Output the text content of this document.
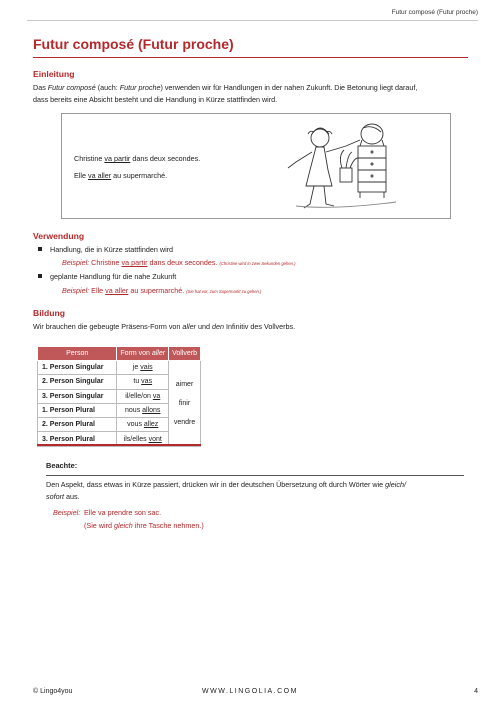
Futur composé (Futur proche)
Futur composé (Futur proche)
Einleitung
Das Futur composé (auch: Futur proche) verwenden wir für Handlungen in der nahen Zukunft. Die Betonung liegt darauf,
dass bereits eine Absicht besteht und die Handlung in Kürze stattfinden wird.
Christine va partir dans deux secondes.
Elle va aller au supermarché.
Verwendung
Handlung, die in Kürze stattfinden wird
Beispiel: Christine va partir dans deux secondes. (Christine wird in zwei Sekunden gehen.)
geplante Handlung für die nahe Zukunft
Beispiel: Elle va aller au supermarché. (Sie hat vor, zum Supermarkt zu gehen.)
Bildung
Wir brauchen die gebeugte Präsens-Form von aller und den Infinitiv des Vollverbs.
Person	Form von aller	Vollverb
1. Person Singular	je vais	aimer
finir
vendre

2. Person Singular	tu vas	
3. Person Singular	il/elle/on va	
1. Person Plural	nous allons	
2. Person Plural	vous allez	
3. Person Plural	ils/elles vont	
Beachte:
Den Aspekt, dass etwas in Kürze passiert, drücken wir in der deutschen Übersetzung oft durch Wörter wie gleich/
sofort aus.
Beispiel: Elle va prendre son sac.
(Sie wird gleich ihre Tasche nehmen.)
© Lingo4you	WWW.LINGOLIA.COM	4
